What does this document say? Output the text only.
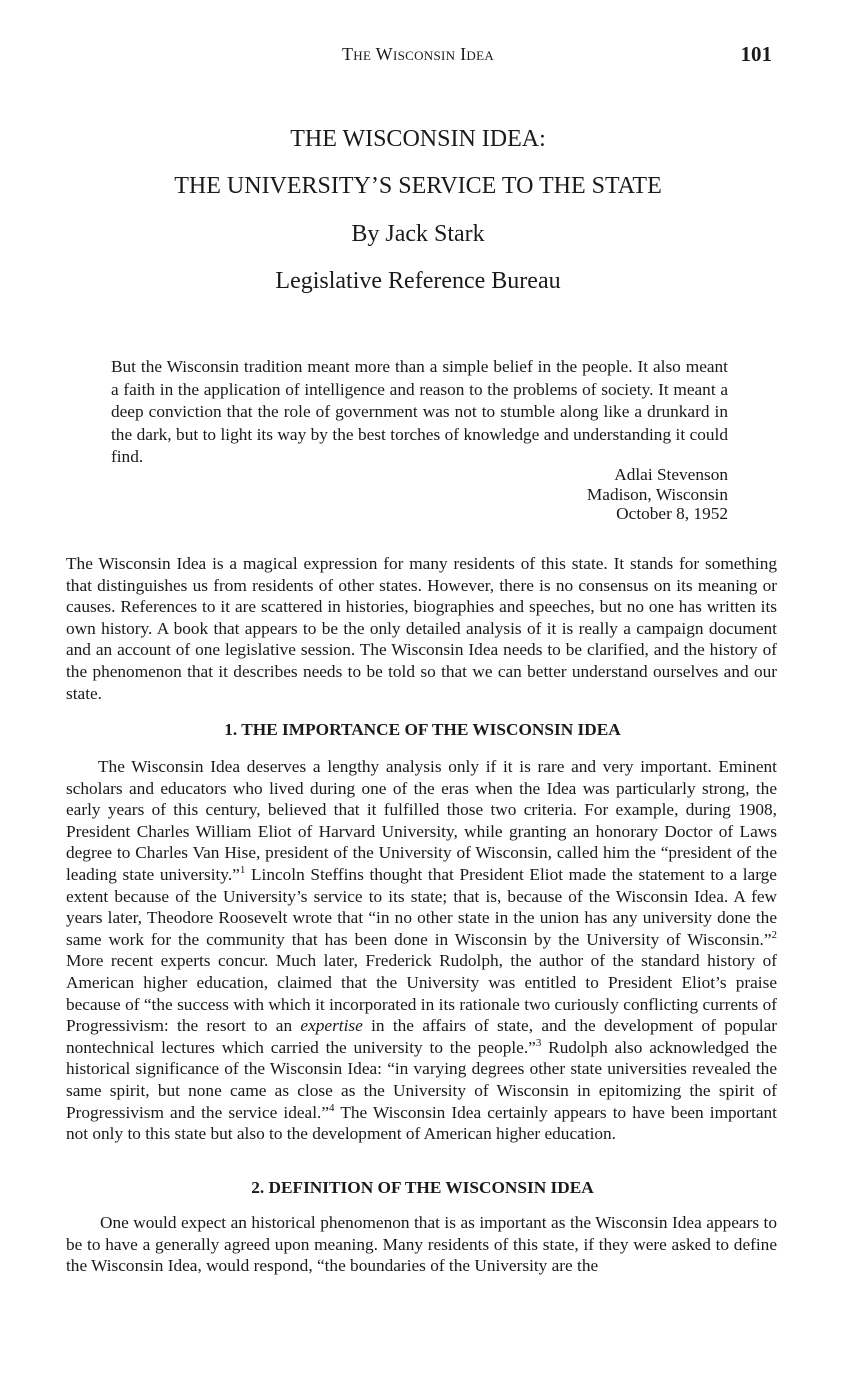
The Wisconsin Idea	101
THE WISCONSIN IDEA:
THE UNIVERSITY’S SERVICE TO THE STATE
By Jack Stark
Legislative Reference Bureau
But the Wisconsin tradition meant more than a simple belief in the people. It also meant a faith in the application of intelligence and reason to the problems of society. It meant a deep conviction that the role of government was not to stumble along like a drunkard in the dark, but to light its way by the best torches of knowledge and understanding it could find.
Adlai Stevenson
Madison, Wisconsin
October 8, 1952
The Wisconsin Idea is a magical expression for many residents of this state. It stands for something that distinguishes us from residents of other states. However, there is no consensus on its meaning or causes. References to it are scattered in histories, biographies and speeches, but no one has written its own history. A book that appears to be the only detailed analysis of it is really a campaign document and an account of one legislative session. The Wisconsin Idea needs to be clarified, and the history of the phenomenon that it describes needs to be told so that we can better understand ourselves and our state.
1. THE IMPORTANCE OF THE WISCONSIN IDEA
The Wisconsin Idea deserves a lengthy analysis only if it is rare and very important. Eminent scholars and educators who lived during one of the eras when the Idea was particularly strong, the early years of this century, believed that it fulfilled those two criteria. For example, during 1908, President Charles William Eliot of Harvard University, while granting an honorary Doctor of Laws degree to Charles Van Hise, president of the University of Wisconsin, called him the “president of the leading state university.”$^1$ Lincoln Steffins thought that President Eliot made the statement to a large extent because of the University’s service to its state; that is, because of the Wisconsin Idea. A few years later, Theodore Roosevelt wrote that “in no other state in the union has any university done the same work for the community that has been done in Wisconsin by the University of Wisconsin.”$^2$ More recent experts concur. Much later, Frederick Rudolph, the author of the standard history of American higher education, claimed that the University was entitled to President Eliot’s praise because of “the success with which it incorporated in its rationale two curiously conflicting currents of Progressivism: the resort to an expertise in the affairs of state, and the development of popular nontechnical lectures which carried the university to the people.”$^3$ Rudolph also acknowledged the historical significance of the Wisconsin Idea: “in varying degrees other state universities revealed the same spirit, but none came as close as the University of Wisconsin in epitomizing the spirit of Progressivism and the service ideal.”$^4$ The Wisconsin Idea certainly appears to have been important not only to this state but also to the development of American higher education.
2. DEFINITION OF THE WISCONSIN IDEA
One would expect an historical phenomenon that is as important as the Wisconsin Idea appears to be to have a generally agreed upon meaning. Many residents of this state, if they were asked to define the Wisconsin Idea, would respond, “the boundaries of the University are the
